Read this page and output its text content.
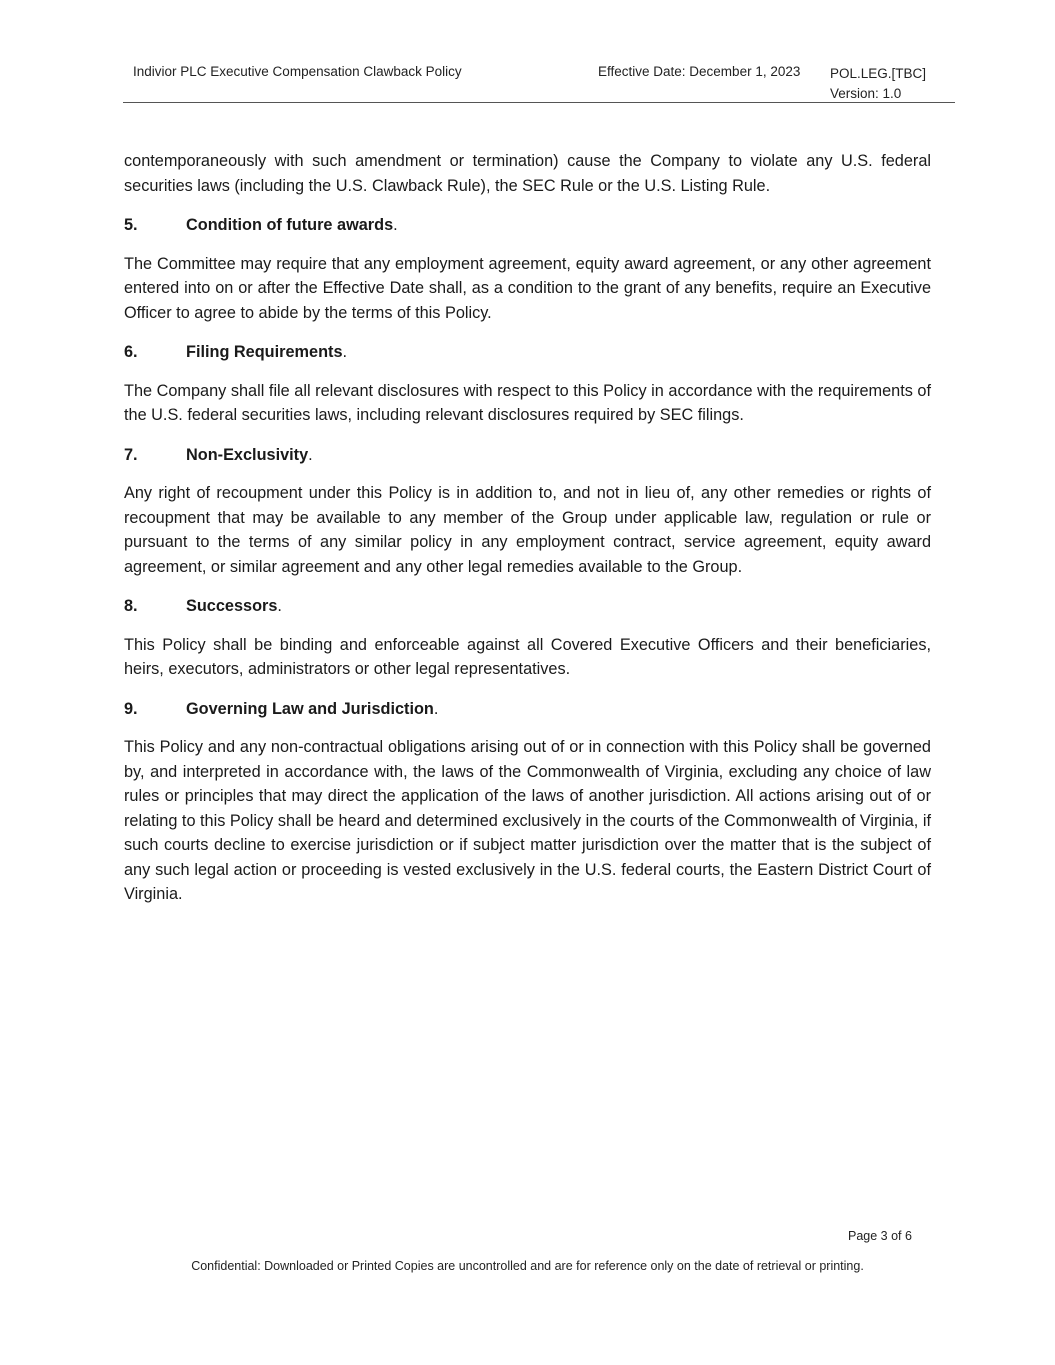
Indivior PLC Executive Compensation Clawback Policy	Effective Date: December 1, 2023 POL.LEG.[TBC]
Version: 1.0

contemporaneously with such amendment or termination) cause the Company to violate any U.S. federal securities laws (including the U.S. Clawback Rule), the SEC Rule or the U.S. Listing Rule.

5.	Condition of future awards.

The Committee may require that any employment agreement, equity award agreement, or any other agreement entered into on or after the Effective Date shall, as a condition to the grant of any benefits, require an Executive Officer to agree to abide by the terms of this Policy.

6.	Filing Requirements.

The Company shall file all relevant disclosures with respect to this Policy in accordance with the requirements of the U.S. federal securities laws, including relevant disclosures required by SEC filings.

7.	Non-Exclusivity.

Any right of recoupment under this Policy is in addition to, and not in lieu of, any other remedies or rights of recoupment that may be available to any member of the Group under applicable law, regulation or rule or pursuant to the terms of any similar policy in any employment contract, service agreement, equity award agreement, or similar agreement and any other legal remedies available to the Group.

8.	Successors.

This Policy shall be binding and enforceable against all Covered Executive Officers and their beneficiaries, heirs, executors, administrators or other legal representatives.

9.	Governing Law and Jurisdiction.

This Policy and any non-contractual obligations arising out of or in connection with this Policy shall be governed by, and interpreted in accordance with, the laws of the Commonwealth of Virginia, excluding any choice of law rules or principles that may direct the application of the laws of another jurisdiction. All actions arising out of or relating to this Policy shall be heard and determined exclusively in the courts of the Commonwealth of Virginia, if such courts decline to exercise jurisdiction or if subject matter jurisdiction over the matter that is the subject of any such legal action or proceeding is vested exclusively in the U.S. federal courts, the Eastern District Court of Virginia.

Page 3 of 6
Confidential: Downloaded or Printed Copies are uncontrolled and are for reference only on the date of retrieval or printing.
